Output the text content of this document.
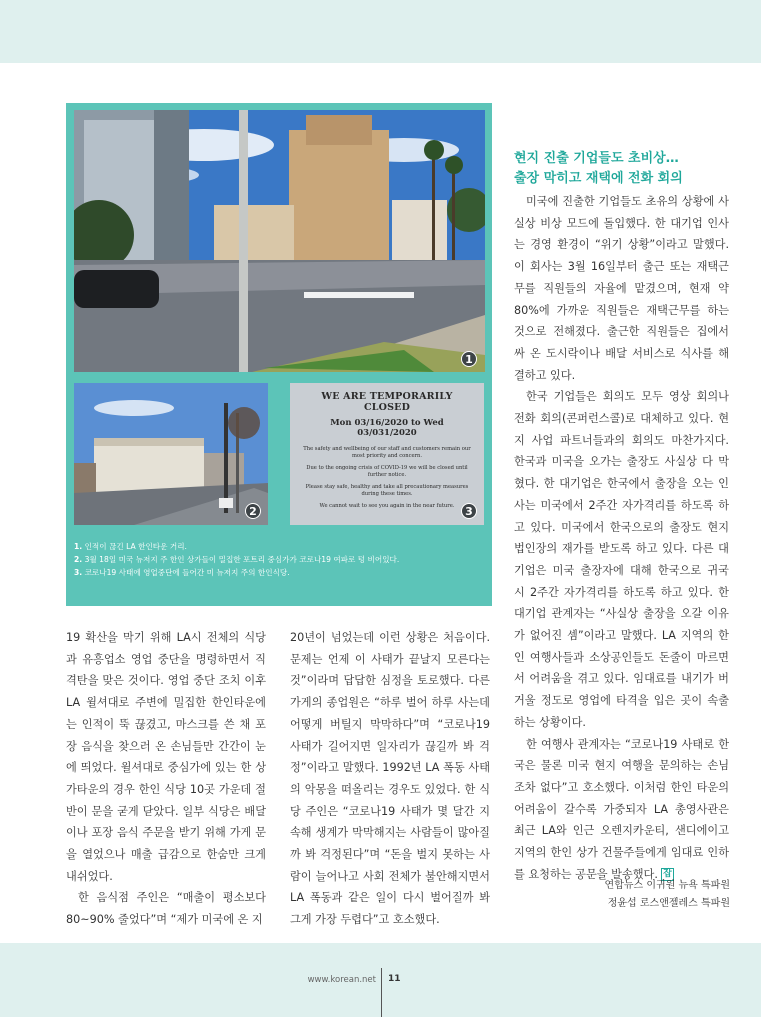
1
2
WE ARE TEMPORARILY CLOSED
Mon 03/16/2020 to Wed 03/031/2020
The safety and wellbeing of our staff and customers remain our most priority and concern.
Due to the ongoing crisis of COVID-19 we will be closed until further notice.
Please stay safe, healthy and take all precautionary measures during these times.
We cannot wait to see you again in the near future. 3
1. 인적이 끊긴 LA 한인타운 거리.
2. 3월 18일 미국 뉴저지 주 한인 상가들이 밀집한 포트리 중심가가 코로나19 여파로 텅 비어있다.
3. 코로나19 사태에 영업중단에 들어간 미 뉴저지 주의 한인식당.
현지 진출 기업들도 초비상…
출장 막히고 재택에 전화 회의

미국에 진출한 기업들도 초유의 상황에 사실상 비상 모드에 돌입했다. 한 대기업 인사는 경영 환경이 “위기 상황”이라고 말했다. 이 회사는 3월 16일부터 출근 또는 재택근무를 직원들의 자율에 맡겼으며, 현재 약 80%에 가까운 직원들은 재택근무를 하는 것으로 전해졌다. 출근한 직원들은 집에서 싸 온 도시락이나 배달 서비스로 식사를 해결하고 있다.

한국 기업들은 회의도 모두 영상 회의나 전화 회의(콘퍼런스콜)로 대체하고 있다. 현지 사업 파트너들과의 회의도 마찬가지다. 한국과 미국을 오가는 출장도 사실상 다 막혔다. 한 대기업은 한국에서 출장을 오는 인사는 미국에서 2주간 자가격리를 하도록 하고 있다. 미국에서 한국으로의 출장도 현지 법인장의 재가를 받도록 하고 있다. 다른 대기업은 미국 출장자에 대해 한국으로 귀국 시 2주간 자가격리를 하도록 하고 있다. 한 대기업 관계자는 “사실상 출장을 오갈 이유가 없어진 셈”이라고 말했다. LA 지역의 한인 여행사들과 소상공인들도 돈줄이 마르면서 어려움을 겪고 있다. 임대료를 내기가 버거울 정도로 영업에 타격을 입은 곳이 속출하는 상황이다.

한 여행사 관계자는 “코로나19 사태로 한국은 물론 미국 현지 여행을 문의하는 손님조차 없다”고 호소했다. 이처럼 한인 타운의 어려움이 갈수록 가중되자 LA 총영사관은 최근 LA와 인근 오렌지카운티, 샌디에이고 지역의 한인 상가 건물주들에게 임대료 인하를 요청하는 공문을 발송했다. 잡

연합뉴스 이귀원 뉴욕 특파원
정윤섭 로스앤젤레스 특파원

19 확산을 막기 위해 LA시 전체의 식당과 유흥업소 영업 중단을 명령하면서 직격탄을 맞은 것이다. 영업 중단 조치 이후 LA 윌셔대로 주변에 밀집한 한인타운에는 인적이 뚝 끊겼고, 마스크를 쓴 채 포장 음식을 찾으러 온 손님들만 간간이 눈에 띄었다. 윌셔대로 중심가에 있는 한 상가타운의 경우 한인 식당 10곳 가운데 절반이 문을 굳게 닫았다. 일부 식당은 배달이나 포장 음식 주문을 받기 위해 가게 문을 열었으나 매출 급감으로 한숨만 크게 내쉬었다.

한 음식점 주인은 “매출이 평소보다 80~90% 줄었다”며 “제가 미국에 온 지

20년이 넘었는데 이런 상황은 처음이다. 문제는 언제 이 사태가 끝날지 모른다는 것”이라며 답답한 심정을 토로했다. 다른 가게의 종업원은 “하루 벌어 하루 사는데 어떻게 버틸지 막막하다”며 “코로나19 사태가 길어지면 일자리가 끊길까 봐 걱정”이라고 말했다. 1992년 LA 폭동 사태의 악몽을 떠올리는 경우도 있었다. 한 식당 주인은 “코로나19 사태가 몇 달간 지속해 생계가 막막해지는 사람들이 많아질까 봐 걱정된다”며 “돈을 벌지 못하는 사람이 늘어나고 사회 전체가 불안해지면서 LA 폭동과 같은 일이 다시 벌어질까 봐 그게 가장 두렵다”고 호소했다.

www.korean.net 11
